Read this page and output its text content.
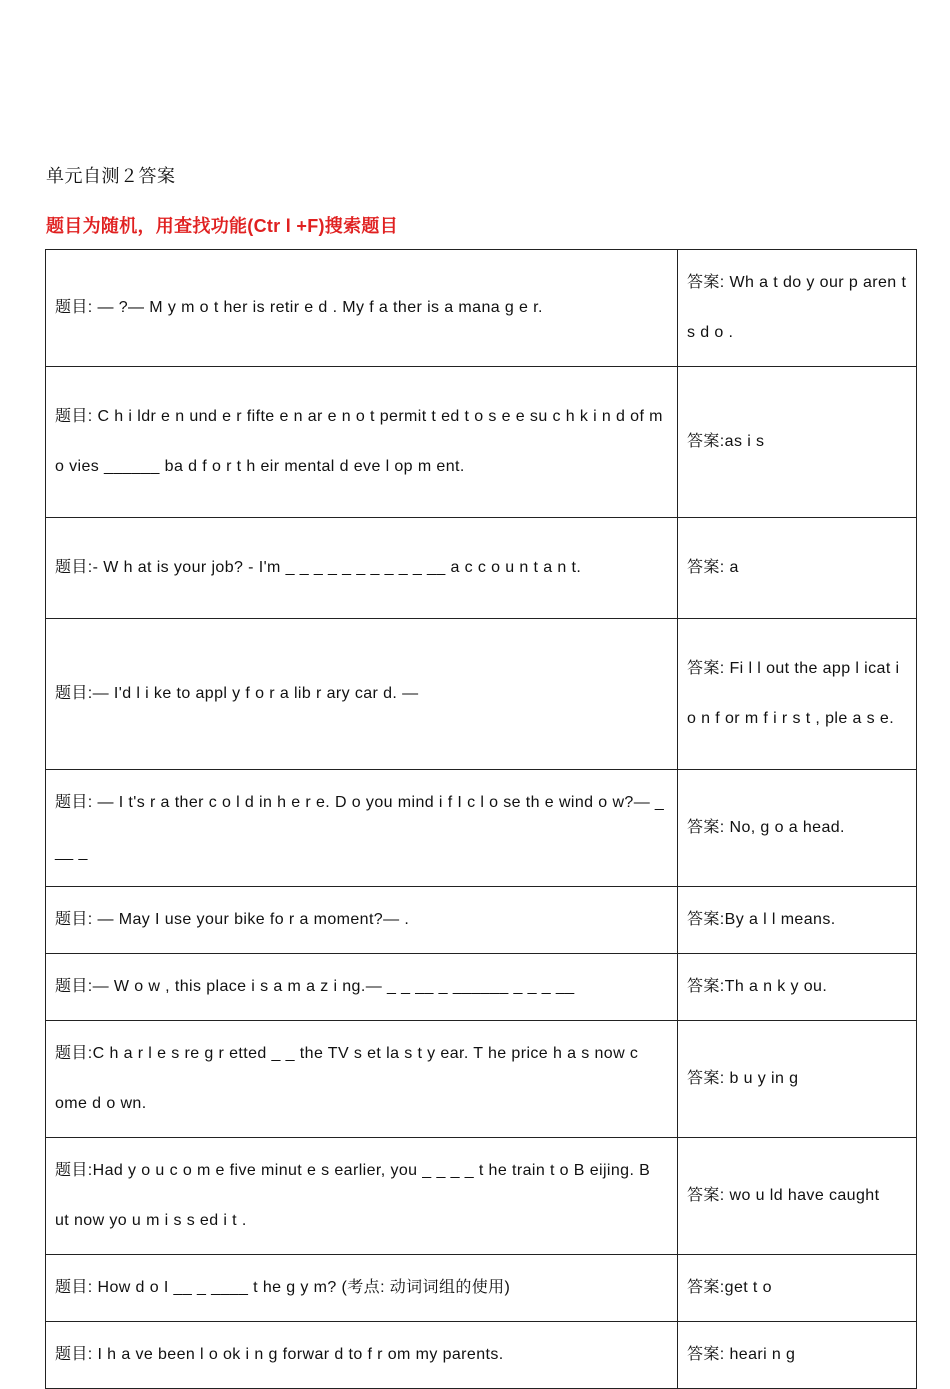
单元自测２答案
题目为随机，用查找功能(Ctr l +F)搜索题目
题目: — ?— M y m o t her is retir e d . My f a ther is a mana g e r.	答案: Wh a t do y our p aren t s d o .
题目: C h i ldr e n und e r fifte e n ar e n o t permit t ed t o s e e su c h k i n d of m o vies ______ ba d f o r t h eir mental d eve l op m ent.	答案:as i s
题目:- W h at is your job? - I'm _ _ _ _ _ _ _ _ _ _ __ a c c o u n t a n t.	答案: a
题目:— I'd l i ke to appl y f o r a lib r ary car d. —	答案: Fi l l out the app l icat i o n f or m f i r s t , ple a s e.
题目: — I t's r a ther c o l d in h e r e. D o you mind i f I c l o se th e wind o w?— _ __ _	答案: No, g o a head.
题目: — May I use your bike fo r a moment?— .	答案:By a l l means.
题目:— W o w , this place i s a m a z i ng.— _ _ __ _ ______ _ _ _ __	答案:Th a n k y ou.
题目:C h a r l e s re g r etted _ _ the TV s et la s t y ear. T he price h a s now c ome d o wn.	答案: b u y in g
题目:Had y o u c o m e five minut e s earlier, you _ _ _ _ t he train t o B eijing. B ut now yo u m i s s ed i t .	答案: wo u ld have caught
题目: How d o I __ _ ____ t he g y m? (考点: 动词词组的使用)	答案:get t o
题目: I h a ve been l o ok i n g forwar d to f r om my parents.	答案: heari n g
